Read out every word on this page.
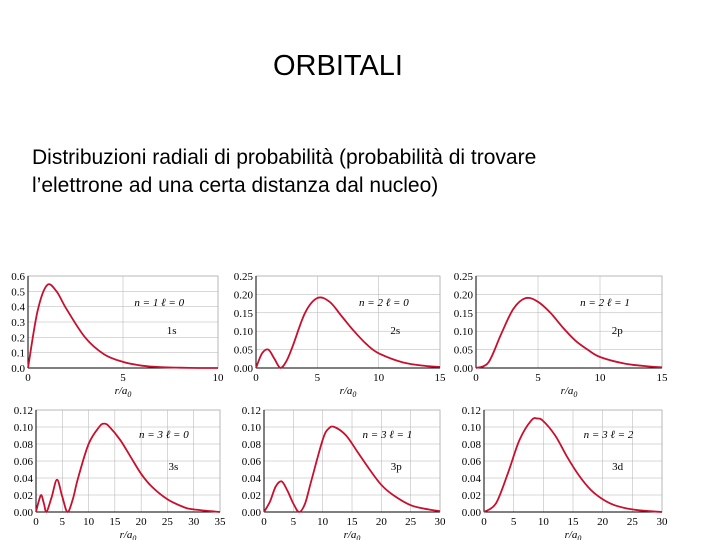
ORBITALI
Distribuzioni radiali di probabilità (probabilità di trovare
l’elettrone ad una certa distanza dal nucleo)
0.0
0.1
0.2
0.3
0.4
0.5
0.6
0	5	10
$r/a_0$
n = 1 ℓ = 0
1s
0.00
0.05
0.10
0.15
0.20
0.25
0	5	10	15
$r/a_0$
n = 2 ℓ = 0
2s
0.00
0.05
0.10
0.15
0.20
0.25
0	5	10	15
$r/a_0$
n = 2 ℓ = 1
2p
0.00
0.02
0.04
0.06
0.08
0.10
0.12
0 5 10 15 20 25 30 35
$r/a_0$
n = 3 ℓ = 0
3s
0.00
0.02
0.04
0.06
0.08
0.10
0.12
0 5 10 15 20 25 30
$r/a_0$
n = 3 ℓ = 1
3p
0.00
0.02
0.04
0.06
0.08
0.10
0.12
0 5 10 15 20 25 30
$r/a_0$
n = 3 ℓ = 2
3d
